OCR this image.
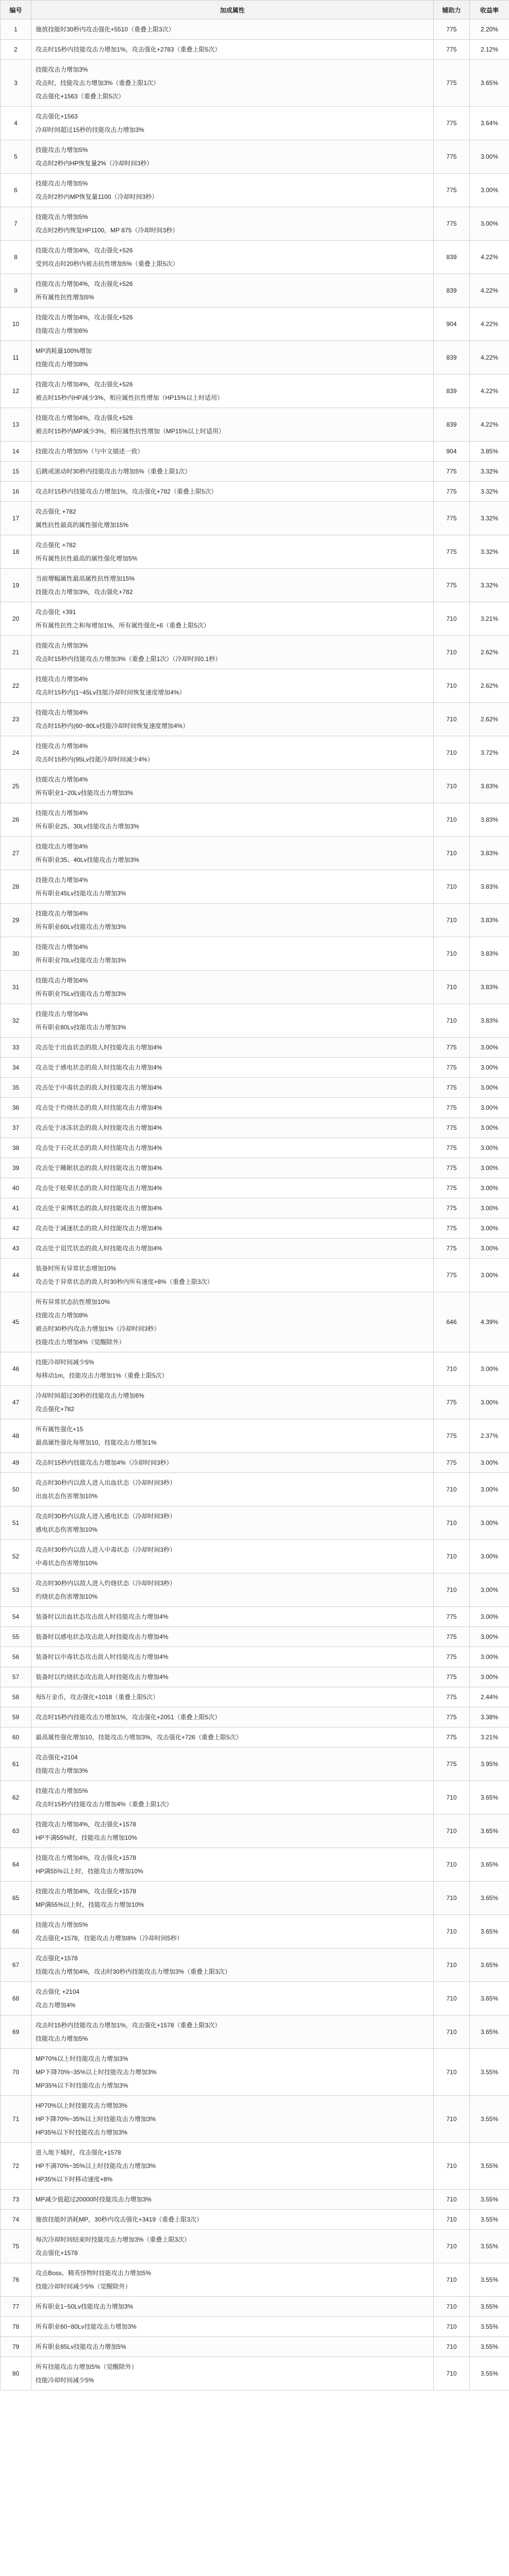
编号	加成属性	辅助力	收益率
1	施放技能时30秒内攻击强化+5510（重叠上限3次）	775	2.20%
2	攻击时15秒内技能攻击力增加1%，攻击强化+2783（重叠上限5次）	775	2.12%
3	技能攻击力增加3%
攻击时，技能攻击力增加3%（重叠上限1次）
攻击强化+1563（重叠上限5次）	775	3.65%
4	攻击强化+1563
冷却时间超过15秒的技能攻击力增加3%	775	3.64%
5	技能攻击力增加5%
攻击时2秒内HP恢复量2%（冷却时间3秒）	775	3.00%
6	技能攻击力增加5%
攻击时2秒内MP恢复量1100（冷却时间3秒）	775	3.00%
7	技能攻击力增加5%
攻击时2秒内恢复HP1100，MP 875（冷却时间3秒）	775	3.00%
8	技能攻击力增加4%，攻击强化+526
受到攻击时20秒内被击抗性增加5%（重叠上限5次）	839	4.22%
9	技能攻击力增加4%，攻击强化+526
所有属性抗性增加5%	839	4.22%
10	技能攻击力增加4%，攻击强化+526
技能攻击力增加6%	904	4.22%
11	MP消耗量100%增加
技能攻击力增加8%	839	4.22%
12	技能攻击力增加4%，攻击强化+526
被击时15秒内HP减少3%，相应属性抗性增加（HP15%以上时适用）	839	4.22%
13	技能攻击力增加4%，攻击强化+526
被击时15秒内MP减少3%，相应属性抗性增加（MP15%以上时适用）	839	4.22%
14	技能攻击力增加5%（与中文描述一致）	904	3.85%
15	后跳或滚动时30秒内技能攻击力增加5%（重叠上限1次）	775	3.32%
16	攻击时15秒内技能攻击力增加1%，攻击强化+782（重叠上限5次）	775	3.32%
17	攻击强化 +782
属性抗性最高的属性强化增加15%	775	3.32%
18	攻击强化 +782
所有属性抗性最高的属性强化增加5%	775	3.32%
19	当前增幅属性最高属性抗性增加15%
技能攻击力增加3%，攻击强化+782	775	3.32%
20	攻击强化 +391
所有属性抗性之和每增加1%，所有属性强化+6（重叠上限5次）	710	3.21%
21	技能攻击力增加3%
攻击时15秒内技能攻击力增加3%（重叠上限1次）（冷却时间0.1秒）	710	2.62%
22	技能攻击力增加4%
攻击时15秒内(1~45Lv技能冷却时间恢复速度增加4%）	710	2.62%
23	技能攻击力增加4%
攻击时15秒内(60~80Lv技能冷却时间恢复速度增加4%）	710	2.62%
24	技能攻击力增加4%
攻击时15秒内(95Lv技能冷却时间减少4%）	710	3.72%
25	技能攻击力增加4%
所有职业1~20Lv技能攻击力增加3%	710	3.83%
26	技能攻击力增加4%
所有职业25、30Lv技能攻击力增加3%	710	3.83%
27	技能攻击力增加4%
所有职业35、40Lv技能攻击力增加3%	710	3.83%
28	技能攻击力增加4%
所有职业45Lv技能攻击力增加3%	710	3.83%
29	技能攻击力增加4%
所有职业60Lv技能攻击力增加3%	710	3.83%
30	技能攻击力增加4%
所有职业70Lv技能攻击力增加3%	710	3.83%
31	技能攻击力增加4%
所有职业75Lv技能攻击力增加3%	710	3.83%
32	技能攻击力增加4%
所有职业80Lv技能攻击力增加3%	710	3.83%
33	攻击处于出血状态的敌人时技能攻击力增加4%	775	3.00%
34	攻击处于感电状态的敌人时技能攻击力增加4%	775	3.00%
35	攻击处于中毒状态的敌人时技能攻击力增加4%	775	3.00%
36	攻击处于灼烧状态的敌人时技能攻击力增加4%	775	3.00%
37	攻击处于冰冻状态的敌人时技能攻击力增加4%	775	3.00%
38	攻击处于石化状态的敌人时技能攻击力增加4%	775	3.00%
39	攻击处于睡眠状态的敌人时技能攻击力增加4%	775	3.00%
40	攻击处于眩晕状态的敌人时技能攻击力增加4%	775	3.00%
41	攻击处于束缚状态的敌人时技能攻击力增加4%	775	3.00%
42	攻击处于减速状态的敌人时技能攻击力增加4%	775	3.00%
43	攻击处于诅咒状态的敌人时技能攻击力增加4%	775	3.00%
44	装备时所有异常状态增加10%
攻击处于异常状态的敌人时30秒内所有速度+8%（重叠上限3次）	775	3.00%
45	所有异常状态抗性增加10%
技能攻击力增加8%
被击时30秒内攻击力增加1%（冷却时间3秒）
技能攻击力增加4%（觉醒除外）	646	4.39%
46	技能冷却时间减少5%
每移动1m，技能攻击力增加1%（重叠上限5次）	710	3.00%
47	冷却时间超过30秒的技能攻击力增加6%
攻击强化+782	775	3.00%
48	所有属性强化+15
最高属性强化每增加10，技能攻击力增加1%	775	2.37%
49	攻击时15秒内技能攻击力增加4%（冷却时间3秒）	775	3.00%
50	攻击时30秒内以敌人进入出血状态（冷却时间3秒）
出血状态伤害增加10%	710	3.00%
51	攻击时30秒内以敌人进入感电状态（冷却时间3秒）
感电状态伤害增加10%	710	3.00%
52	攻击时30秒内以敌人进入中毒状态（冷却时间3秒）
中毒状态伤害增加10%	710	3.00%
53	攻击时30秒内以敌人进入灼烧状态（冷却时间3秒）
灼烧状态伤害增加10%	710	3.00%
54	装备时以出血状态攻击敌人时技能攻击力增加4%	775	3.00%
55	装备时以感电状态攻击敌人时技能攻击力增加4%	775	3.00%
56	装备时以中毒状态攻击敌人时技能攻击力增加4%	775	3.00%
57	装备时以灼烧状态攻击敌人时技能攻击力增加4%	775	3.00%
58	每5万金币，攻击强化+1018（重叠上限5次）	775	2.44%
59	攻击时15秒内技能攻击力增加1%，攻击强化+2051（重叠上限5次）	775	3.38%
60	最高属性强化增加10，技能攻击力增加3%，攻击强化+726（重叠上限5次）	775	3.21%
61	攻击强化+2104
技能攻击力增加3%	775	3.95%
62	技能攻击力增加5%
攻击时15秒内技能攻击力增加4%（重叠上限1次）	710	3.65%
63	技能攻击力增加4%，攻击强化+1578
HP不满55%时，技能攻击力增加10%	710	3.65%
64	技能攻击力增加4%，攻击强化+1578
HP满55%以上时，技能攻击力增加10%	710	3.65%
65	技能攻击力增加4%，攻击强化+1578
MP满55%以上时，技能攻击力增加10%	710	3.65%
66	技能攻击力增加5%
攻击强化+1578，技能攻击力增加8%（冷却时间5秒）	710	3.65%
67	攻击强化+1578
技能攻击力增加4%，攻击时30秒内技能攻击力增加3%（重叠上限3次）	710	3.65%
68	攻击强化 +2104
攻击力增加4%	710	3.65%
69	攻击时15秒内技能攻击力增加1%，攻击强化+1578（重叠上限3次）
技能攻击力增加5%	710	3.65%
70	MP70%以上时技能攻击力增加3%
MP下降70%~35%以上时技能攻击力增加3%
MP35%以下时技能攻击力增加3%	710	3.55%
71	HP70%以上时技能攻击力增加3%
HP下降70%~35%以上时技能攻击力增加3%
HP35%以下时技能攻击力增加3%	710	3.55%
72	进入地下城时，攻击强化+1578
HP不满70%~35%以上时技能攻击力增加3%
HP35%以下时移动速度+8%	710	3.55%
73	MP减少值超过20000时技能攻击力增加3%	710	3.55%
74	施放技能时消耗MP，30秒内攻击强化+3419（重叠上限3次）	710	3.55%
75	每次冷却时间结束时技能攻击力增加3%（重叠上限3次）
攻击强化+1578	710	3.55%
76	攻击Boss、精英怪物时技能攻击力增加5%
技能冷却时间减少5%（觉醒除外）	710	3.55%
77	所有职业1~50Lv技能攻击力增加3%	710	3.55%
78	所有职业60~80Lv技能攻击力增加3%	710	3.55%
79	所有职业85Lv技能攻击力增加5%	710	3.55%
80	所有技能攻击力增加5%（觉醒除外）
技能冷却时间减少5%	710	3.55%
